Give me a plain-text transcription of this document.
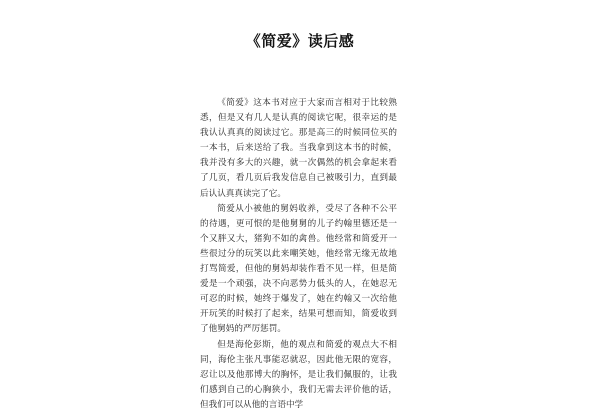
《简爱》读后感

《简爱》这本书对应于大家而言相对于比较熟悉，但是又有几人是认真的阅读它呢，很幸运的是我认认真真的阅读过它。那是高三的时候同位买的一本书，后来送给了我。当我拿到这本书的时候，我并没有多大的兴趣，就一次偶然的机会拿起来看了几页，看几页后我发信息自己被吸引力，直到最后认认真真读完了它。

简爱从小被他的舅妈收养，受尽了各种不公平的待遇，更可恨的是他舅舅的儿子约翰里德还是一个又胖又大，猪狗不如的禽兽。他经常和简爱开一些很过分的玩笑以此来嘲笑她，他经常无缘无故地打骂简爱，但他的舅妈却装作看不见一样，但是简爱是一个顽强，决不向恶势力低头的人，在她忍无可忍的时候，她终于爆发了，她在约翰又一次给他开玩笑的时候打了起来，结果可想而知，简爱收到了他舅妈的严厉惩罚。

但是海伦彭斯，他的观点和简爱的观点大不相同，海伦主张凡事能忍就忍，因此他无限的宽容，忍让以及他那博大的胸怀，是让我们佩服的，让我们感到自己的心胸狭小，我们无需去评价他的话，但我们可以从他的言语中学
